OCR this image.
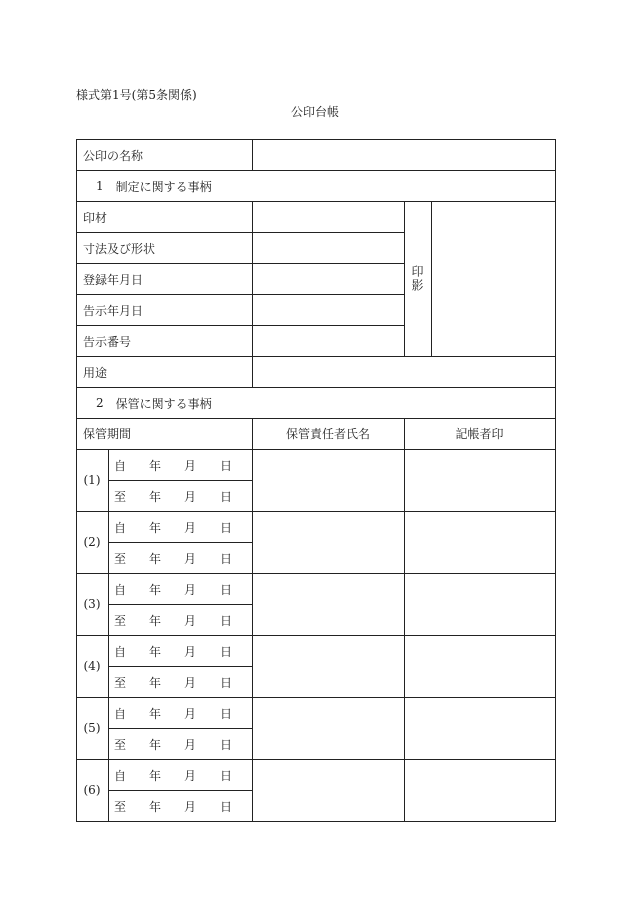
様式第1号(第5条関係)
公印台帳
公印の名称
1 制定に関する事柄
印材
寸法及び形状
登録年月日
告示年月日
告示番号
印影
用途
2 保管に関する事柄
保管期間	保管責任者氏名	記帳者印
(1)
自 年 月 日
至 年 月 日
(2)
自 年 月 日
至 年 月 日
(3)
自 年 月 日
至 年 月 日
(4)
自 年 月 日
至 年 月 日
(5)
自 年 月 日
至 年 月 日
(6)
自 年 月 日
至 年 月 日
